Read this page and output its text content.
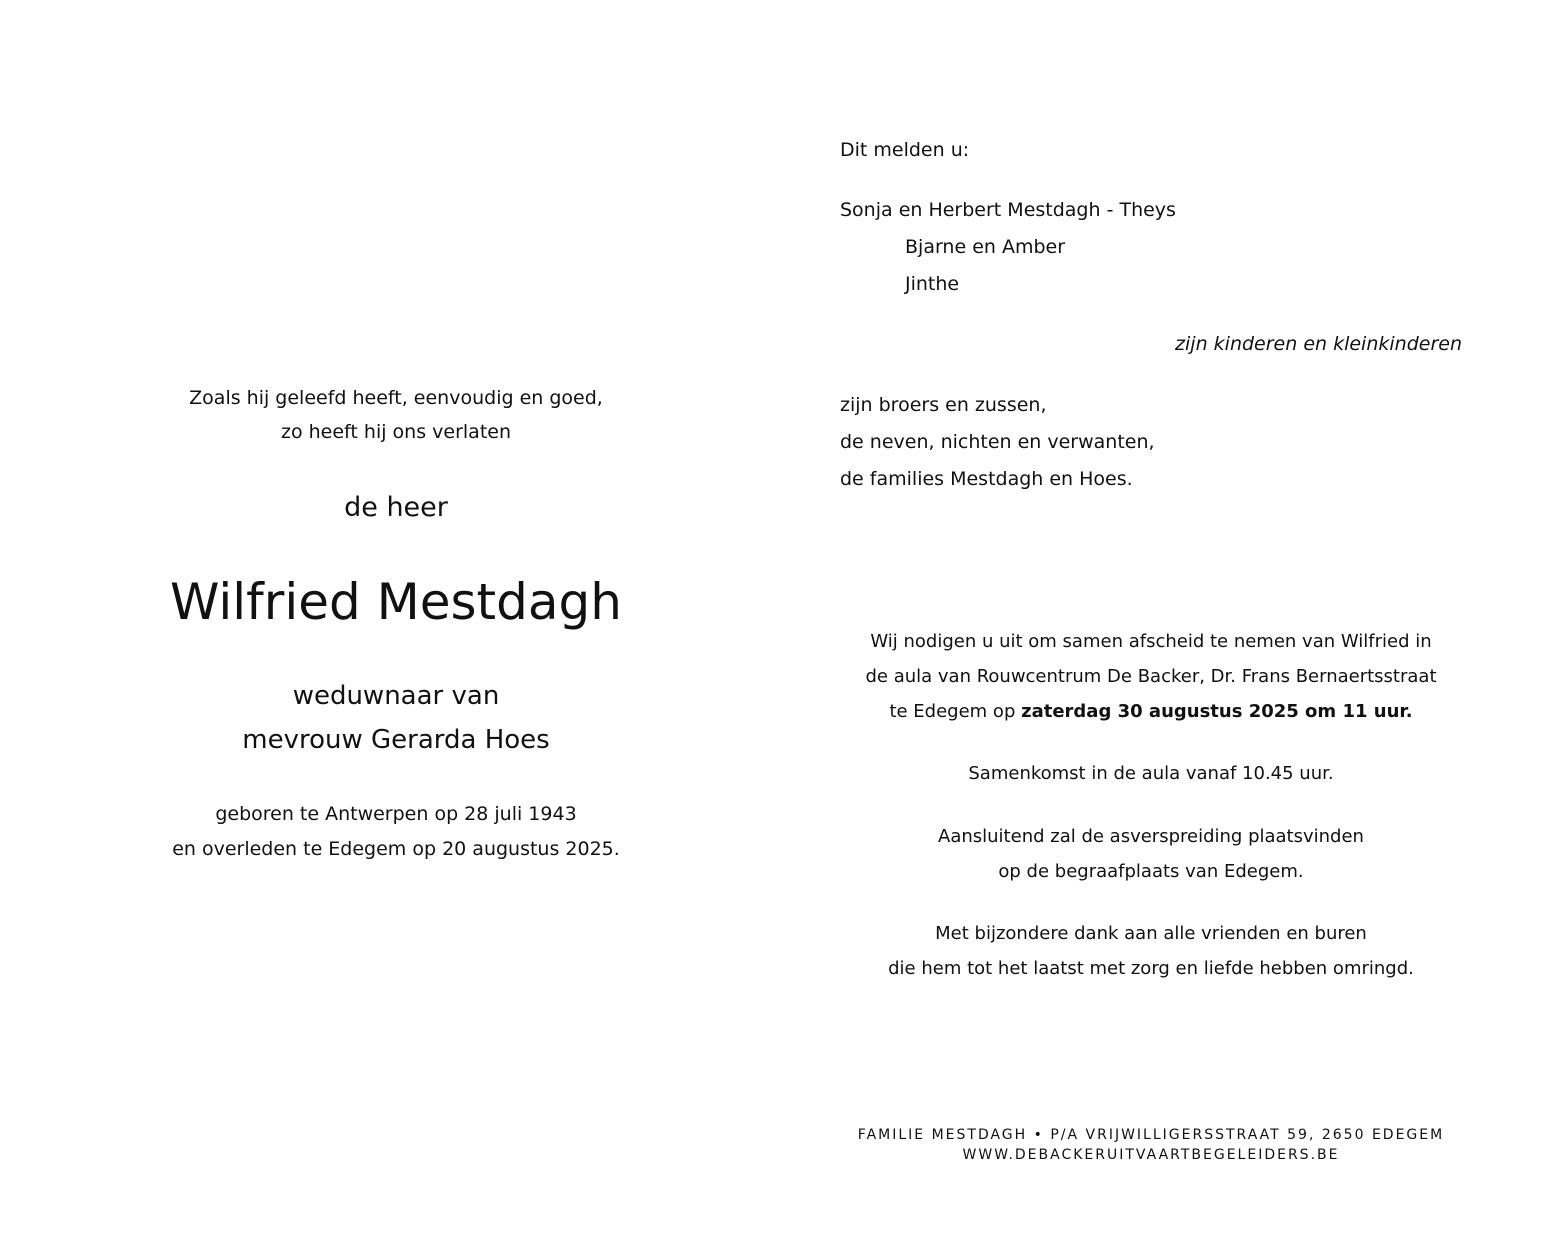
Zoals hij geleefd heeft, eenvoudig en goed,
zo heeft hij ons verlaten
de heer
Wilfried Mestdagh
weduwnaar van
mevrouw Gerarda Hoes
geboren te Antwerpen op 28 juli 1943
en overleden te Edegem op 20 augustus 2025.
Dit melden u:
Sonja en Herbert Mestdagh - Theys
Bjarne en Amber
Jinthe
zijn kinderen en kleinkinderen
zijn broers en zussen,
de neven, nichten en verwanten,
de families Mestdagh en Hoes.
Wij nodigen u uit om samen afscheid te nemen van Wilfried in
de aula van Rouwcentrum De Backer, Dr. Frans Bernaertsstraat
te Edegem op zaterdag 30 augustus 2025 om 11 uur.
Samenkomst in de aula vanaf 10.45 uur.
Aansluitend zal de asverspreiding plaatsvinden
op de begraafplaats van Edegem.
Met bijzondere dank aan alle vrienden en buren
die hem tot het laatst met zorg en liefde hebben omringd.
FAMILIE MESTDAGH • P/A VRIJWILLIGERSSTRAAT 59, 2650 EDEGEM
WWW.DEBACKERUITVAARTBEGELEIDERS.BE
